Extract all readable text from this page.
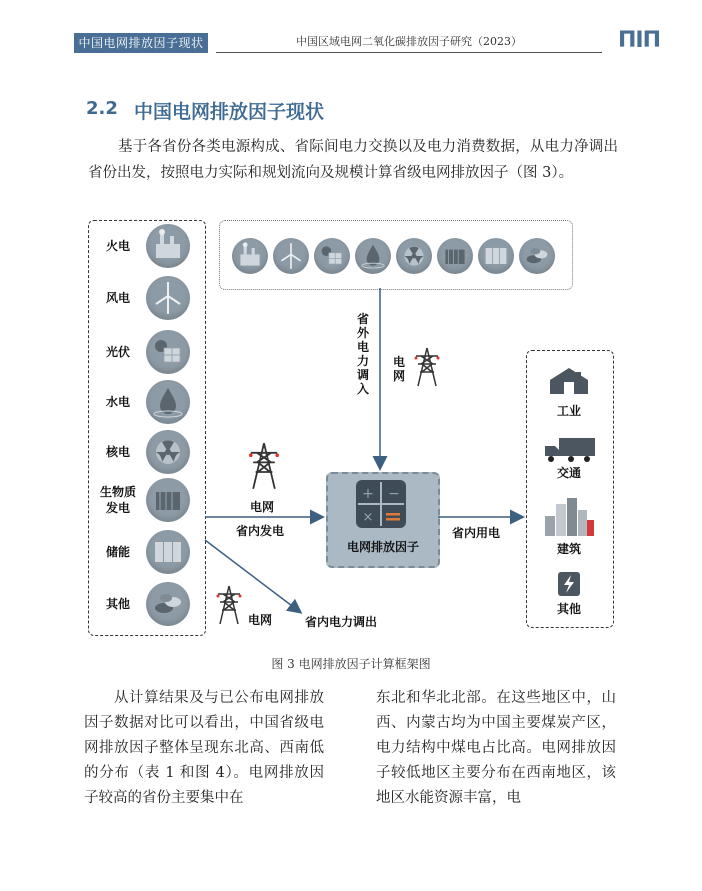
中国电网排放因子现状	中国区域电网二氧化碳排放因子研究（2023）	ΠIΠ
2.2 中国电网排放因子现状
基于各省份各类电源构成、省际间电力交换以及电力消费数据，从电力净调出省份出发，按照电力实际和规划流向及规模计算省级电网排放因子（图 3）。
火电
风电
光伏
水电
核电
生物质
发电
储能
其他
工业
交通
建筑
其他
+ −
×
电网排放因子
省外电力调入
电网
电网
省内发电	省内用电
电网	省内电力调出
图 3 电网排放因子计算框架图
从计算结果及与已公布电网排放因子数据对比可以看出，中国省级电网排放因子整体呈现东北高、西南低的分布（表 1 和图 4）。电网排放因子较高的省份主要集中在
东北和华北北部。在这些地区中，山西、内蒙古均为中国主要煤炭产区，电力结构中煤电占比高。电网排放因子较低地区主要分布在西南地区，该地区水能资源丰富，电
